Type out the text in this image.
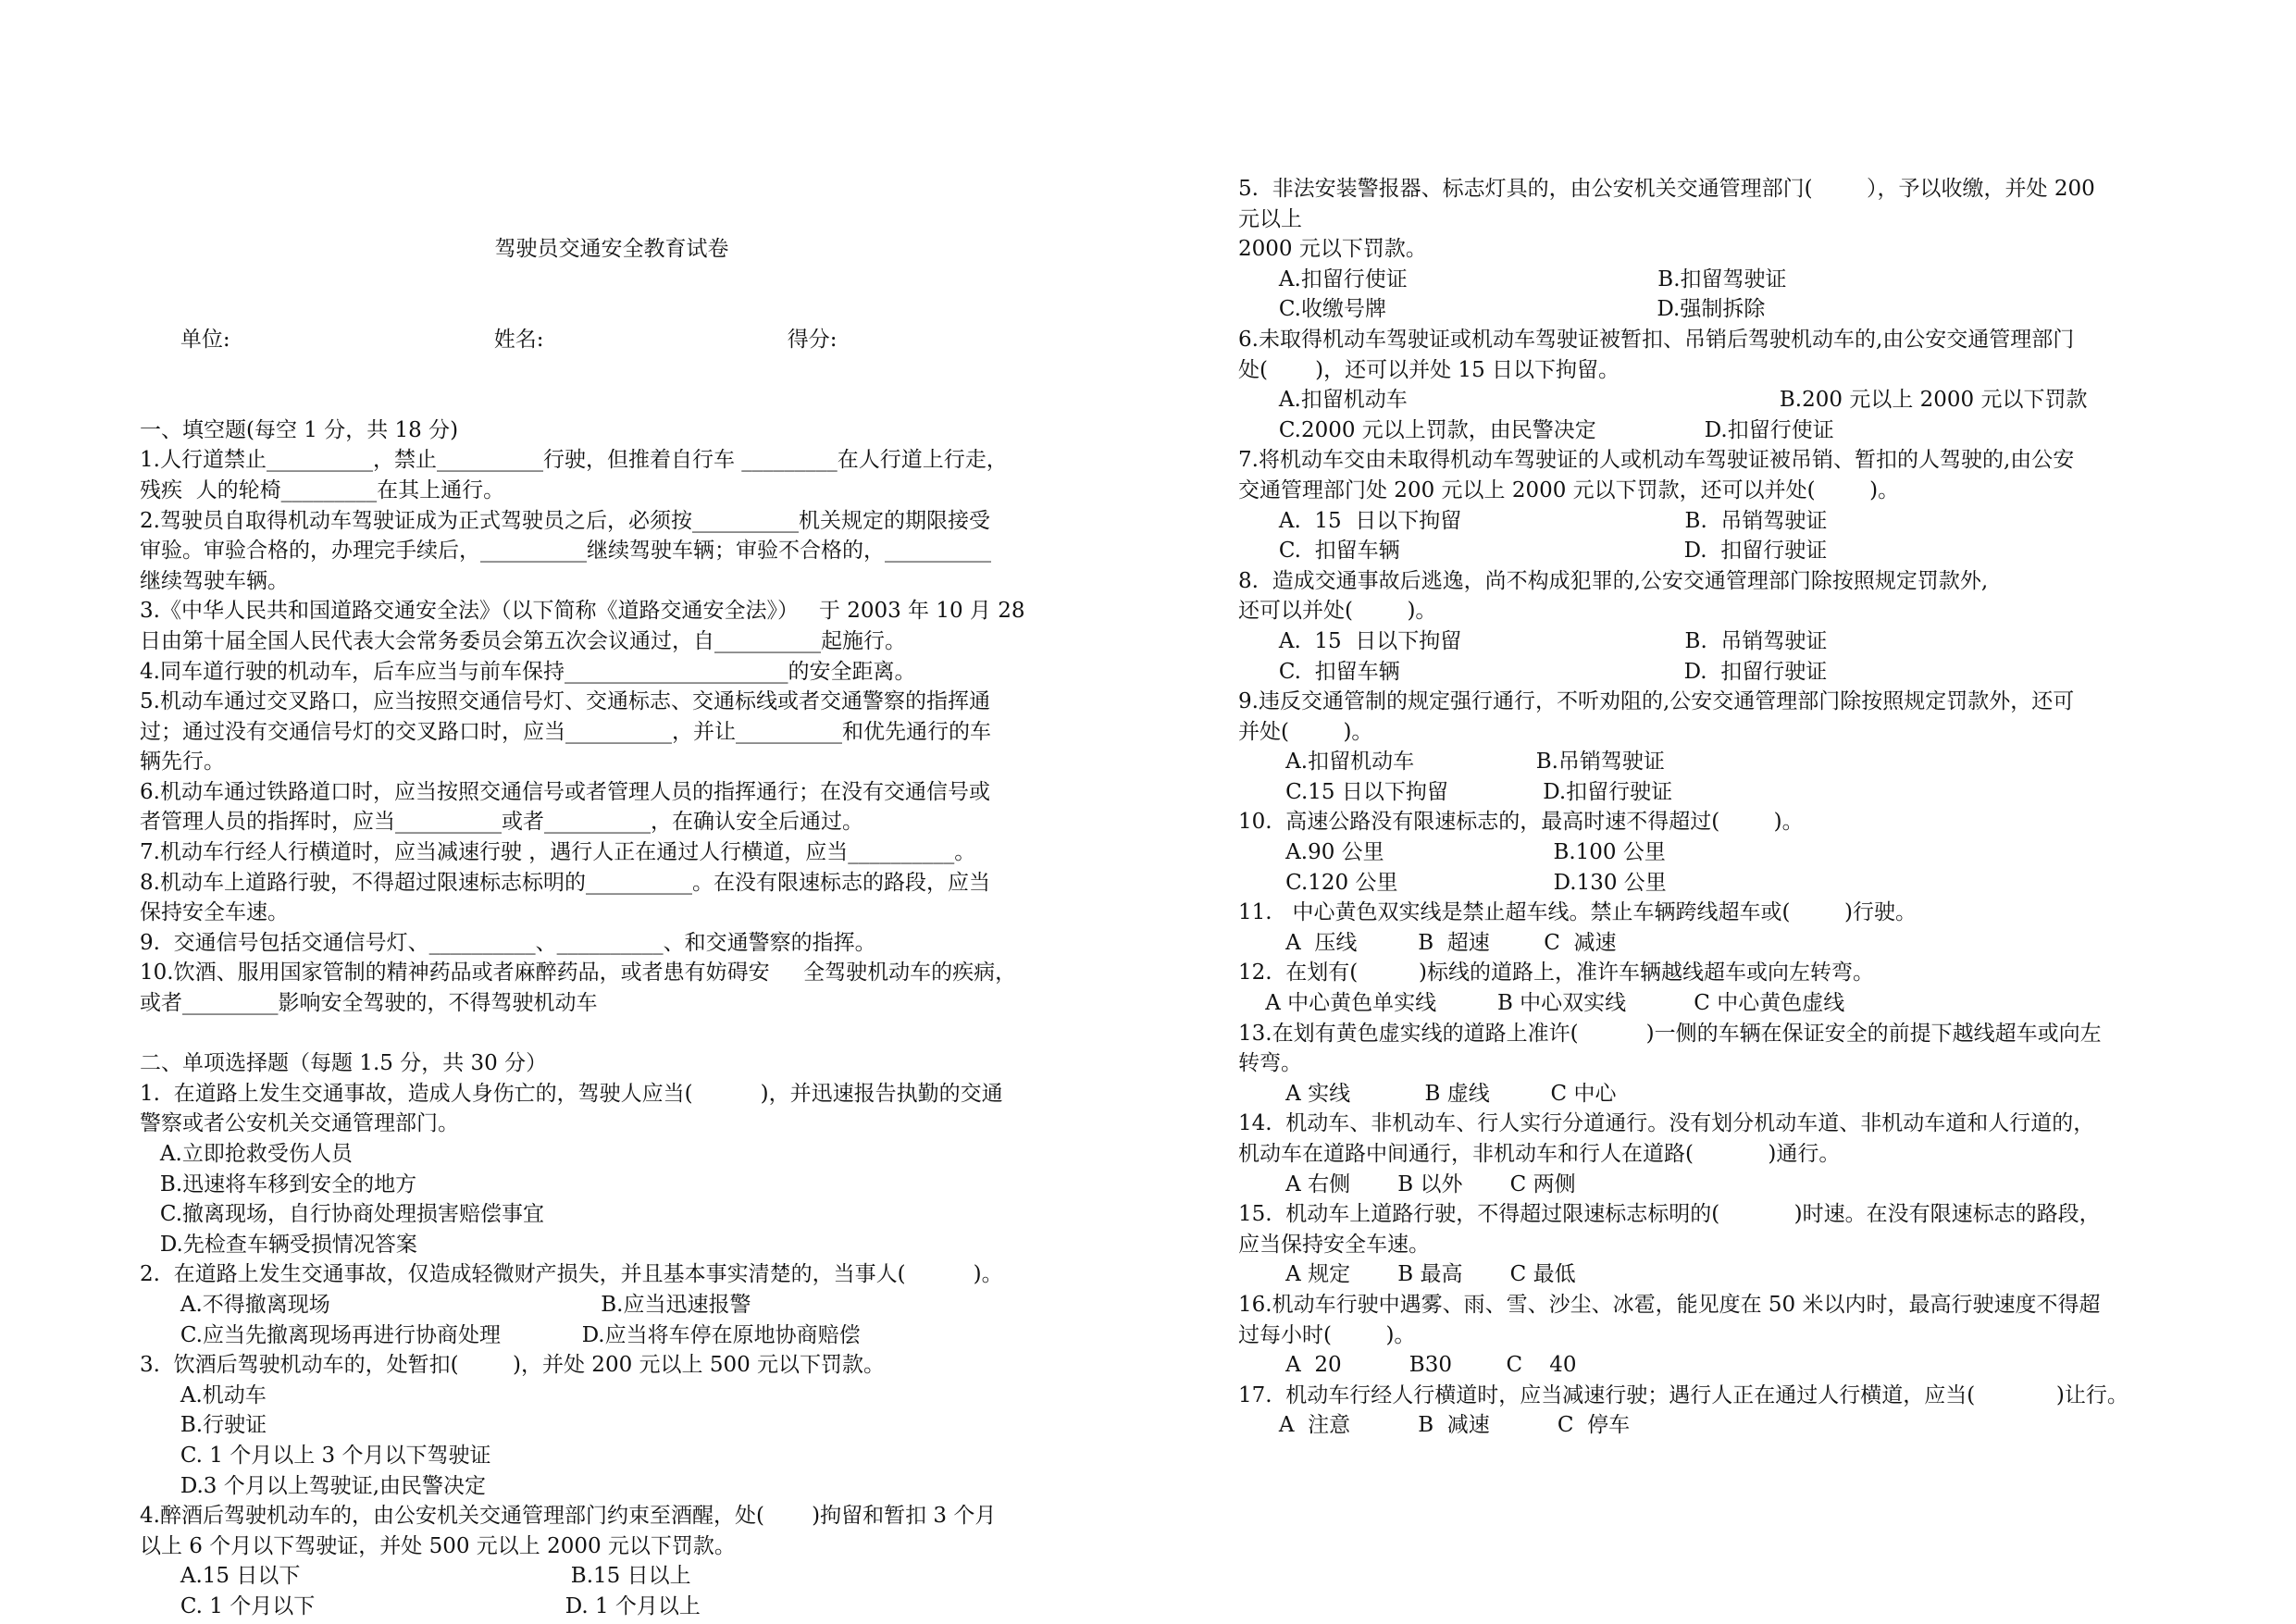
驾驶员交通安全教育试卷

单位:                                       姓名:                                    得分:

一、填空题(每空 1 分，共 18 分)
1.人行道禁止__________，禁止__________行驶，但推着自行车 _________在人行道上行走，
残疾  人的轮椅_________在其上通行。
2.驾驶员自取得机动车驾驶证成为正式驾驶员之后，必须按__________机关规定的期限接受
审验。审验合格的，办理完手续后，__________继续驾驶车辆；审验不合格的，__________
继续驾驶车辆。
3.《中华人民共和国道路交通安全法》（以下简称《道路交通安全法》）   于 2003 年 10 月 28
日由第十届全国人民代表大会常务委员会第五次会议通过，自__________起施行。
4.同车道行驶的机动车，后车应当与前车保持_____________________的安全距离。
5.机动车通过交叉路口，应当按照交通信号灯、交通标志、交通标线或者交通警察的指挥通
过；通过没有交通信号灯的交叉路口时，应当__________，并让__________和优先通行的车
辆先行。
6.机动车通过铁路道口时，应当按照交通信号或者管理人员的指挥通行；在没有交通信号或
者管理人员的指挥时，应当__________或者__________，在确认安全后通过。
7.机动车行经人行横道时，应当减速行驶 ，遇行人正在通过人行横道，应当__________。
8.机动车上道路行驶，不得超过限速标志标明的__________。在没有限速标志的路段，应当
保持安全车速。
9.  交通信号包括交通信号灯、__________、__________、和交通警察的指挥。
10.饮酒、服用国家管制的精神药品或者麻醉药品，或者患有妨碍安     全驾驶机动车的疾病，
或者_________影响安全驾驶的，不得驾驶机动车
二、单项选择题（每题 1.5 分，共 30 分）
1.  在道路上发生交通事故，造成人身伤亡的，驾驶人应当(          )，并迅速报告执勤的交通
警察或者公安机关交通管理部门。
A.立即抢救受伤人员
B.迅速将车移到安全的地方
C.撤离现场，自行协商处理损害赔偿事宜
D.先检查车辆受损情况答案
2.  在道路上发生交通事故，仅造成轻微财产损失，并且基本事实清楚的，当事人(          )。
A.不得撤离现场                                        B.应当迅速报警
C.应当先撤离现场再进行协商处理            D.应当将车停在原地协商赔偿
3.  饮酒后驾驶机动车的，处暂扣(        )，并处 200 元以上 500 元以下罚款。
A.机动车
B.行驶证
C. 1 个月以上 3 个月以下驾驶证
D.3 个月以上驾驶证,由民警决定
4.醉酒后驾驶机动车的，由公安机关交通管理部门约束至酒醒，处(       )拘留和暂扣 3 个月
以上 6 个月以下驾驶证，并处 500 元以上 2000 元以下罚款。
A.15 日以下                                        B.15 日以上
C. 1 个月以下                                     D. 1 个月以上
5.  非法安装警报器、标志灯具的，由公安机关交通管理部门(        ），予以收缴，并处 200
元以上
2000 元以下罚款。
A.扣留行使证                                     B.扣留驾驶证
C.收缴号牌                                        D.强制拆除
6.未取得机动车驾驶证或机动车驾驶证被暂扣、吊销后驾驶机动车的,由公安交通管理部门
处(       )，还可以并处 15 日以下拘留。
A.扣留机动车                                                       B.200 元以上 2000 元以下罚款
C.2000 元以上罚款，由民警决定                D.扣留行使证
7.将机动车交由未取得机动车驾驶证的人或机动车驾驶证被吊销、暂扣的人驾驶的,由公安
交通管理部门处 200 元以上 2000 元以下罚款，还可以并处(        )。
A.  15  日以下拘留                                 B.  吊销驾驶证
C.  扣留车辆                                          D.  扣留行驶证
8.  造成交通事故后逃逸，尚不构成犯罪的,公安交通管理部门除按照规定罚款外,
还可以并处(        )。
A.  15  日以下拘留                                 B.  吊销驾驶证
C.  扣留车辆                                          D.  扣留行驶证
9.违反交通管制的规定强行通行，不听劝阻的,公安交通管理部门除按照规定罚款外，还可
并处(        )。
A.扣留机动车                  B.吊销驾驶证
C.15 日以下拘留              D.扣留行驶证
10.  高速公路没有限速标志的，最高时速不得超过(        )。
A.90 公里                         B.100 公里
C.120 公里                       D.130 公里
11.   中心黄色双实线是禁止超车线。禁止车辆跨线超车或(        )行驶。
A  压线         B  超速        C  减速
12.  在划有(         )标线的道路上，准许车辆越线超车或向左转弯。
A 中心黄色单实线         B 中心双实线          C 中心黄色虚线
13.在划有黄色虚实线的道路上准许(          )一侧的车辆在保证安全的前提下越线超车或向左
转弯。
A 实线           B 虚线         C 中心
14.  机动车、非机动车、行人实行分道通行。没有划分机动车道、非机动车道和人行道的，
机动车在道路中间通行，非机动车和行人在道路(           )通行。
A 右侧       B 以外       C 两侧
15.  机动车上道路行驶，不得超过限速标志标明的(           )时速。在没有限速标志的路段，
应当保持安全车速。
A 规定       B 最高       C 最低
16.机动车行驶中遇雾、雨、雪、沙尘、冰雹，能见度在 50 米以内时，最高行驶速度不得超
过每小时(        )。
A  20          B30        C    40
17.  机动车行经人行横道时，应当减速行驶；遇行人正在通过人行横道，应当(            )让行。
A  注意          B  减速          C  停车
